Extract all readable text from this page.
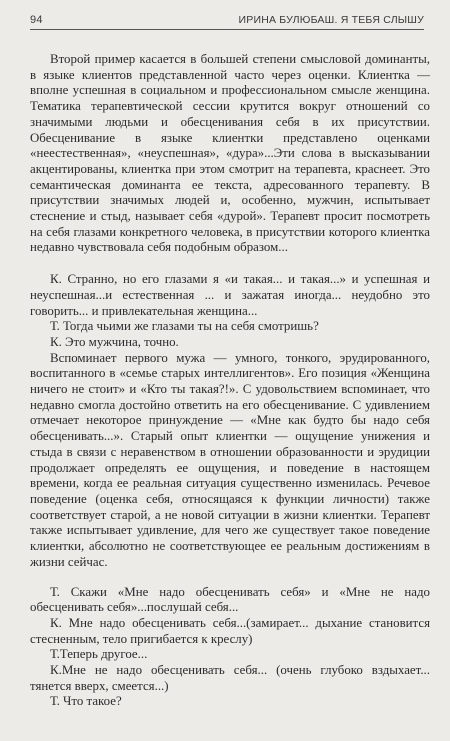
94	ИРИНА БУЛЮБАШ. Я ТЕБЯ СЛЫШУ

Второй пример касается в большей степени смысловой доминанты, в языке клиентов представленной часто через оценки. Клиентка — вполне успешная в социальном и профессиональном смысле женщина. Тематика терапевтической сессии крутится вокруг отношений со значимыми людьми и обесценивания себя в их присутствии. Обесценивание в языке клиентки представлено оценками «неестественная», «неуспешная», «дура»...Эти слова в высказывании акцентированы, клиентка при этом смотрит на терапевта, краснеет. Это семантическая доминанта ее текста, адресованного терапевту. В присутствии значимых людей и, особенно, мужчин, испытывает стеснение и стыд, называет себя «дурой». Терапевт просит посмотреть на себя глазами конкретного человека, в присутствии которого клиентка недавно чувствовала себя подобным образом...

К. Странно, но его глазами я «и такая... и такая...» и успешная и неуспешная...и естественная ... и зажатая иногда... неудобно это говорить... и привлекательная женщина...

Т. Тогда чьими же глазами ты на себя смотришь?

К. Это мужчина, точно.

Вспоминает первого мужа — умного, тонкого, эрудированного, воспитанного в «семье старых интеллигентов». Его позиция «Женщина ничего не стоит» и «Кто ты такая?!». С удовольствием вспоминает, что недавно смогла достойно ответить на его обесценивание. С удивлением отмечает некоторое принуждение — «Мне как будто бы надо себя обесценивать...». Старый опыт клиентки — ощущение унижения и стыда в связи с неравенством в отношении образованности и эрудиции продолжает определять ее ощущения, и поведение в настоящем времени, когда ее реальная ситуация существенно изменилась. Речевое поведение (оценка себя, относящаяся к функции личности) также соответствует старой, а не новой ситуации в жизни клиентки. Терапевт также испытывает удивление, для чего же существует такое поведение клиентки, абсолютно не соответствующее ее реальным достижениям в жизни сейчас.

Т. Скажи «Мне надо обесценивать себя» и «Мне не надо обесценивать себя»...послушай себя...

К. Мне надо обесценивать себя...(замирает... дыхание становится стесненным, тело пригибается к креслу)

Т.Теперь другое...

К.Мне не надо обесценивать себя... (очень глубоко вздыхает... тянется вверх, смеется...)

Т. Что такое?
